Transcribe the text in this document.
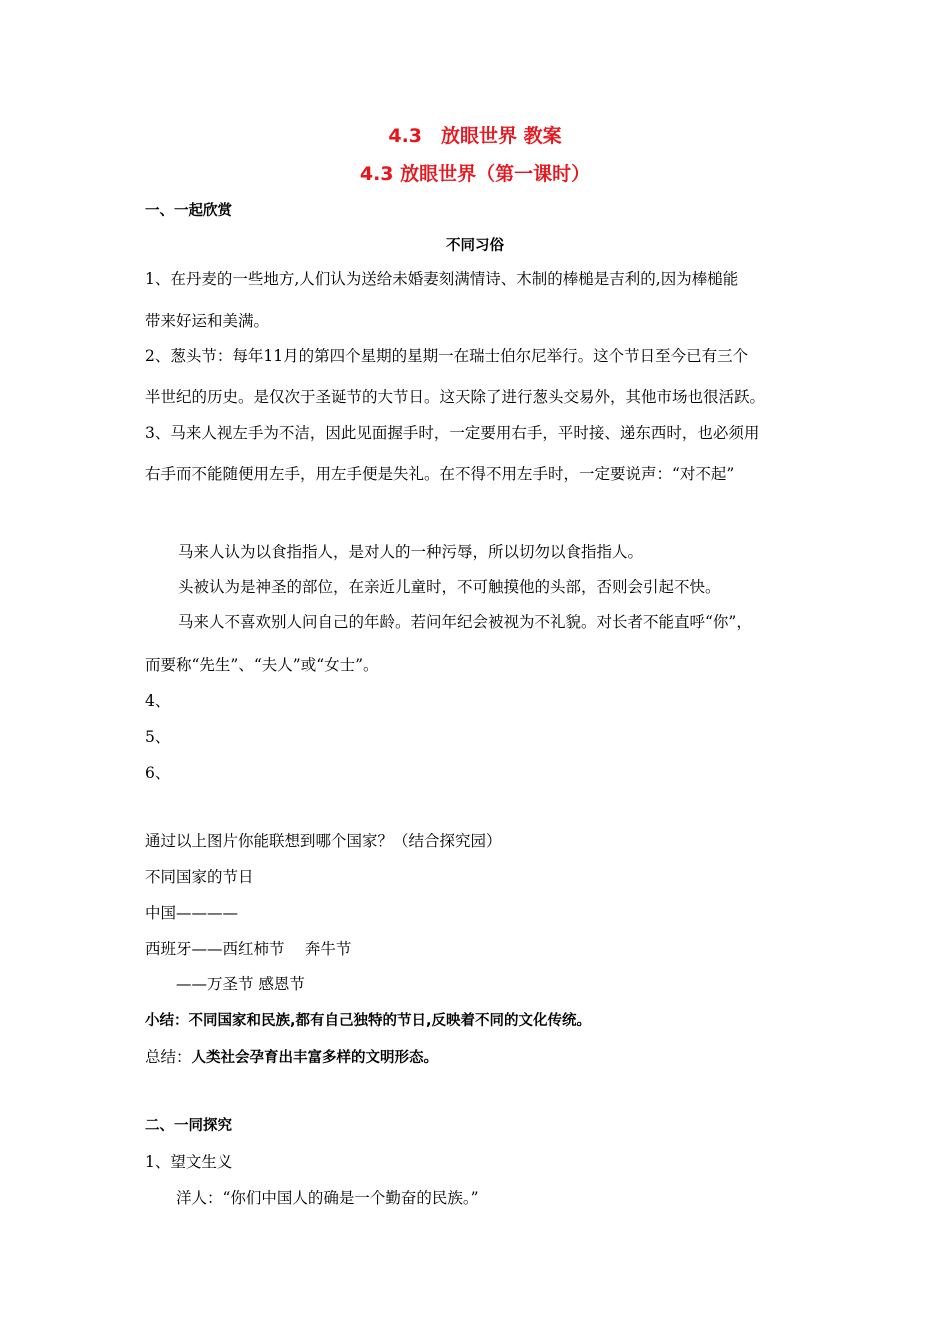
4.3　放眼世界 教案
4.3 放眼世界（第一课时）
一、一起欣赏
不同习俗
1、在丹麦的一些地方,人们认为送给未婚妻刻满情诗、木制的棒槌是吉利的,因为棒槌能
带来好运和美满。
2、葱头节：每年11月的第四个星期的星期一在瑞士伯尔尼举行。这个节日至今已有三个
半世纪的历史。是仅次于圣诞节的大节日。这天除了进行葱头交易外，其他市场也很活跃。
3、马来人视左手为不洁，因此见面握手时，一定要用右手，平时接、递东西时，也必须用
右手而不能随便用左手，用左手便是失礼。在不得不用左手时，一定要说声：“对不起”
马来人认为以食指指人，是对人的一种污辱，所以切勿以食指指人。
头被认为是神圣的部位，在亲近儿童时，不可触摸他的头部，否则会引起不快。
马来人不喜欢别人问自己的年龄。若问年纪会被视为不礼貌。对长者不能直呼“你”，
而要称“先生”、“夫人”或“女士”。
4、
5、
6、
通过以上图片你能联想到哪个国家？（结合探究园）
不同国家的节日
中国————
西班牙——西红柿节　 奔牛节
——万圣节 感恩节
小结：不同国家和民族,都有自己独特的节日,反映着不同的文化传统。
总结：人类社会孕育出丰富多样的文明形态。
二、一同探究
1、望文生义
洋人：“你们中国人的确是一个勤奋的民族。”
